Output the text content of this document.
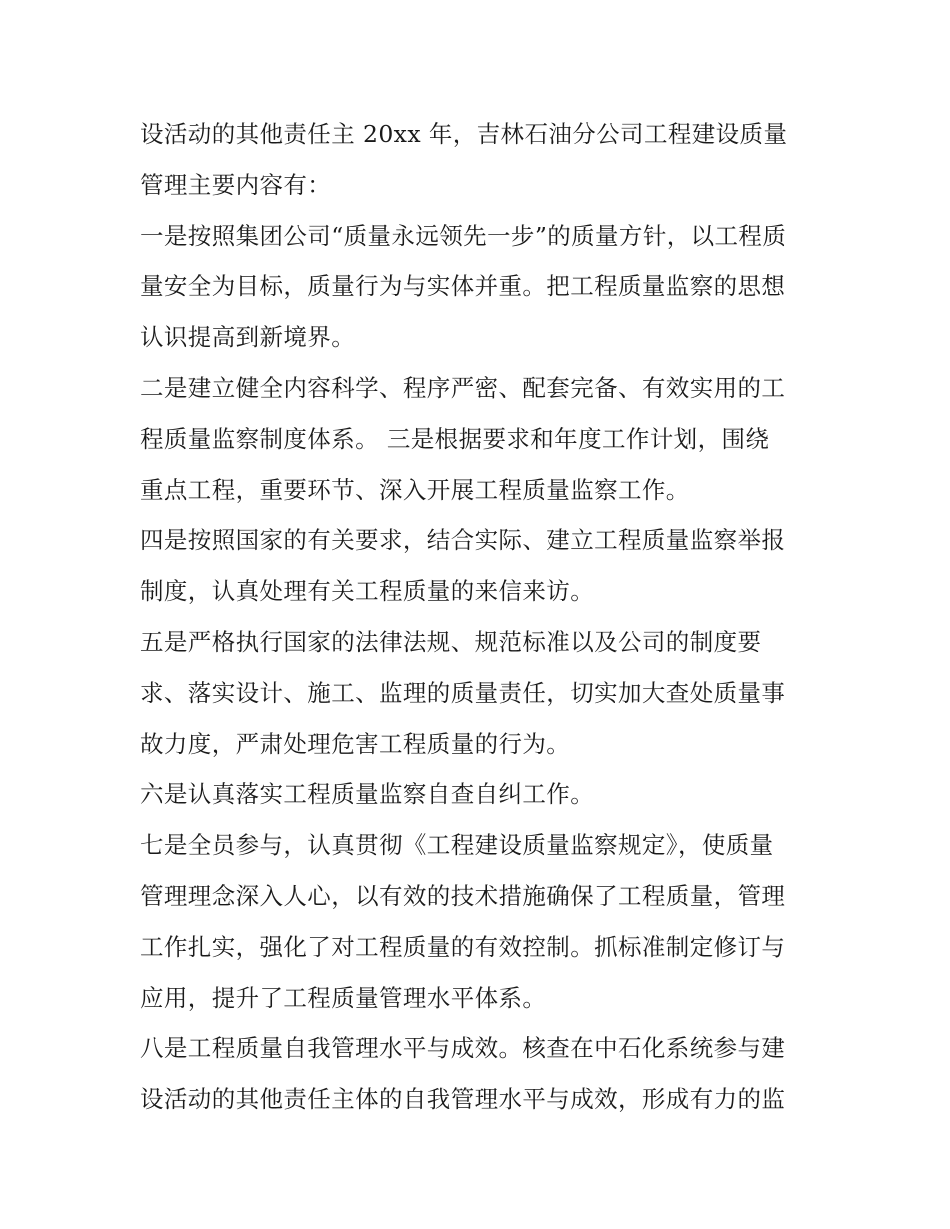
设活动的其他责任主 20xx 年，吉林石油分公司工程建设质量
管理主要内容有：
一是按照集团公司“质量永远领先一步”的质量方针，以工程质
量安全为目标，质量行为与实体并重。把工程质量监察的思想
认识提高到新境界。
二是建立健全内容科学、程序严密、配套完备、有效实用的工
程质量监察制度体系。 三是根据要求和年度工作计划，围绕
重点工程，重要环节、深入开展工程质量监察工作。
四是按照国家的有关要求，结合实际、建立工程质量监察举报
制度，认真处理有关工程质量的来信来访。
五是严格执行国家的法律法规、规范标准以及公司的制度要
求、落实设计、施工、监理的质量责任，切实加大查处质量事
故力度，严肃处理危害工程质量的行为。
六是认真落实工程质量监察自查自纠工作。
七是全员参与，认真贯彻《工程建设质量监察规定》，使质量
管理理念深入人心，以有效的技术措施确保了工程质量，管理
工作扎实，强化了对工程质量的有效控制。抓标准制定修订与
应用，提升了工程质量管理水平体系。
八是工程质量自我管理水平与成效。核查在中石化系统参与建
设活动的其他责任主体的自我管理水平与成效，形成有力的监
